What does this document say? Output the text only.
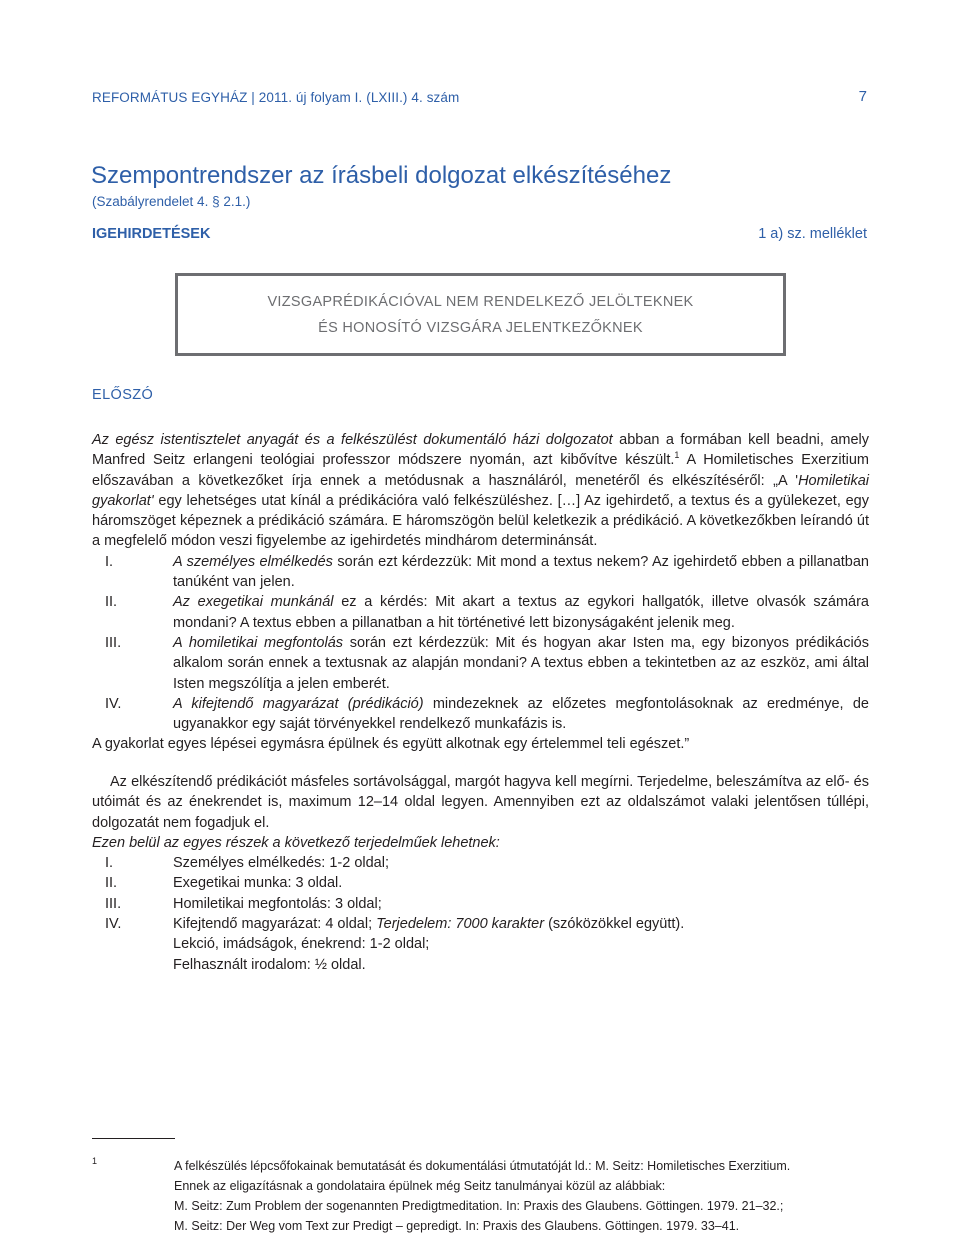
REFORMÁTUS EGYHÁZ | 2011. új folyam I. (LXIII.) 4. szám	7
Szempontrendszer az írásbeli dolgozat elkészítéséhez
(Szabályrendelet 4. § 2.1.)
IGEHIRDETÉSEK	1 a) sz. melléklet
VIZSGAPRÉDIKÁCIÓVAL NEM RENDELKEZŐ JELÖLTEKNEK
ÉS HONOSÍTÓ VIZSGÁRA JELENTKEZŐKNEK
ELŐSZÓ
Az egész istentisztelet anyagát és a felkészülést dokumentáló házi dolgozatot abban a formában kell beadni, amely Manfred Seitz erlangeni teológiai professzor módszere nyomán, azt kibővítve készült.$^1$ A Homiletisches Exerzitium előszavában a következőket írja ennek a metódusnak a használáról, menetéről és elkészítéséről: „A 'Homiletikai gyakorlat' egy lehetséges utat kínál a prédikációra való felkészüléshez. […] Az igehirdető, a textus és a gyülekezet, egy háromszöget képeznek a prédikáció számára. E háromszögön belül keletkezik a prédikáció. A következőkben leírandó út a megfelelő módon veszi figyelembe az igehirdetés mindhárom determinánsát.
I.	A személyes elmélkedés során ezt kérdezzük: Mit mond a textus nekem? Az igehirdető ebben a pillanatban tanúként van jelen.
II.	Az exegetikai munkánál ez a kérdés: Mit akart a textus az egykori hallgatók, illetve olvasók számára mondani? A textus ebben a pillanatban a hit történetivé lett bizonyságaként jelenik meg.
III.	A homiletikai megfontolás során ezt kérdezzük: Mit és hogyan akar Isten ma, egy bizonyos prédikációs alkalom során ennek a textusnak az alapján mondani? A textus ebben a tekintetben az az eszköz, ami által Isten megszólítja a jelen emberét.
IV.	A kifejtendő magyarázat (prédikáció) mindezeknek az előzetes megfontolásoknak az eredménye, de ugyanakkor egy saját törvényekkel rendelkező munkafázis is.
A gyakorlat egyes lépései egymásra épülnek és együtt alkotnak egy értelemmel teli egészet.”
Az elkészítendő prédikációt másfeles sortávolsággal, margót hagyva kell megírni. Terjedelme, beleszámítva az elő- és utóimát és az énekrendet is, maximum 12–14 oldal legyen. Amennyiben ezt az oldalszámot valaki jelentősen túllépi, dolgozatát nem fogadjuk el.
Ezen belül az egyes részek a következő terjedelműek lehetnek:
I.	Személyes elmélkedés: 1-2 oldal;
II.	Exegetikai munka: 3 oldal.
III.	Homiletikai megfontolás: 3 oldal;
IV.	Kifejtendő magyarázat: 4 oldal; Terjedelem: 7000 karakter (szóközökkel együtt).
Lekció, imádságok, énekrend: 1-2 oldal;
Felhasznált irodalom: ½ oldal.
1	A felkészülés lépcsőfokainak bemutatását és dokumentálási útmutatóját ld.: M. Seitz: Homiletisches Exerzitium.
Ennek az eligazításnak a gondolataira épülnek még Seitz tanulmányai közül az alábbiak:
M. Seitz: Zum Problem der sogenannten Predigtmeditation. In: Praxis des Glaubens. Göttingen. 1979. 21–32.;
M. Seitz: Der Weg vom Text zur Predigt – gepredigt. In: Praxis des Glaubens. Göttingen. 1979. 33–41.
